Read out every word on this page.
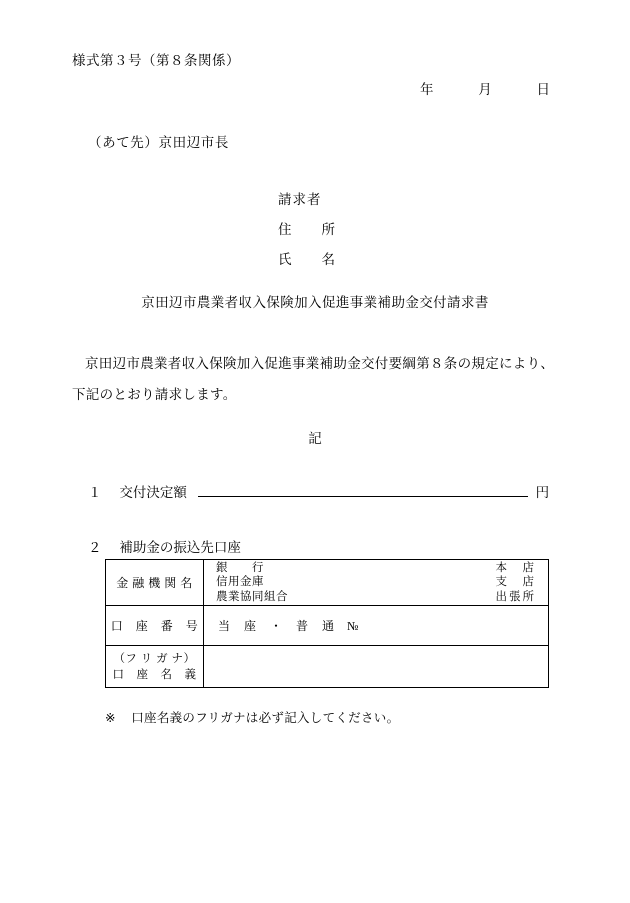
様式第３号（第８条関係）
年	月	日
（あて先）京田辺市長
請求者
住　　所
氏　　名
京田辺市農業者収入保険加入促進事業補助金交付請求書
京田辺市農業者収入保険加入促進事業補助金交付要綱第８条の規定により、
下記のとおり請求します。
記
１ 交付決定額	円
２ 補助金の振込先口座
金 融 機 関 名	
銀　　行	本　店
信用金庫	支　店
農業協同組合	出張所

口　座　番　号	当　座　・　普　通 №

（フ リ ガ ナ）
口　座　名　義	

※ 口座名義のフリガナは必ず記入してください。
